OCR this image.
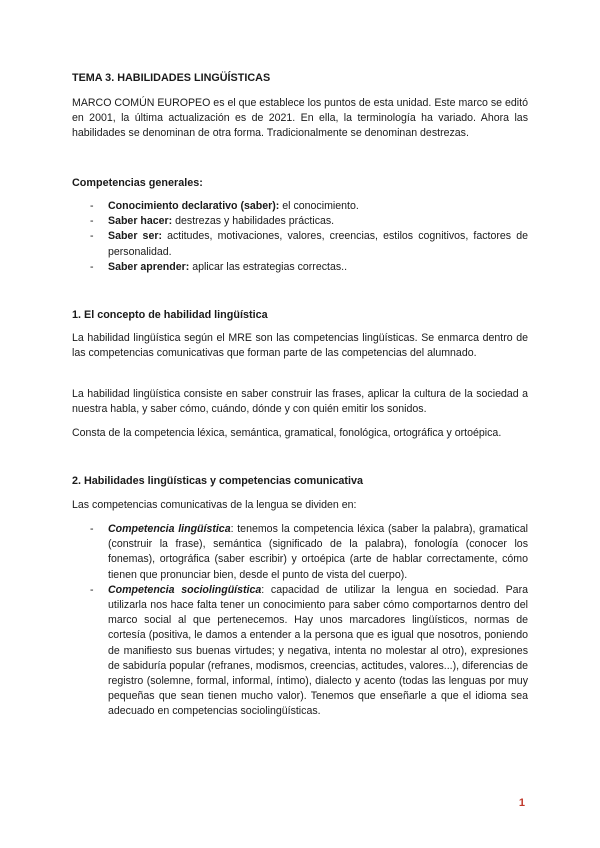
TEMA 3. HABILIDADES LINGÜÍSTICAS
MARCO COMÚN EUROPEO es el que establece los puntos de esta unidad. Este marco se editó en 2001, la última actualización es de 2021. En ella, la terminología ha variado. Ahora las habilidades se denominan de otra forma. Tradicionalmente se denominan destrezas.
Competencias generales:
- Conocimiento declarativo (saber): el conocimiento.
- Saber hacer: destrezas y habilidades prácticas.
- Saber ser: actitudes, motivaciones, valores, creencias, estilos cognitivos, factores de personalidad.
- Saber aprender: aplicar las estrategias correctas..
1. El concepto de habilidad lingüística
La habilidad lingüística según el MRE son las competencias lingüísticas. Se enmarca dentro de las competencias comunicativas que forman parte de las competencias del alumnado.
La habilidad lingüística consiste en saber construir las frases, aplicar la cultura de la sociedad a nuestra habla, y saber cómo, cuándo, dónde y con quién emitir los sonidos.
Consta de la competencia léxica, semántica, gramatical, fonológica, ortográfica y ortoépica.
2. Habilidades lingüísticas y competencias comunicativa
Las competencias comunicativas de la lengua se dividen en:
- Competencia lingüística: tenemos la competencia léxica (saber la palabra), gramatical (construir la frase), semántica (significado de la palabra), fonología (conocer los fonemas), ortográfica (saber escribir) y ortoépica (arte de hablar correctamente, cómo tienen que pronunciar bien, desde el punto de vista del cuerpo).
- Competencia sociolingüística: capacidad de utilizar la lengua en sociedad. Para utilizarla nos hace falta tener un conocimiento para saber cómo comportarnos dentro del marco social al que pertenecemos. Hay unos marcadores lingüísticos, normas de cortesía (positiva, le damos a entender a la persona que es igual que nosotros, poniendo de manifiesto sus buenas virtudes; y negativa, intenta no molestar al otro), expresiones de sabiduría popular (refranes, modismos, creencias, actitudes, valores...), diferencias de registro (solemne, formal, informal, íntimo), dialecto y acento (todas las lenguas por muy pequeñas que sean tienen mucho valor). Tenemos que enseñarle a que el idioma sea adecuado en competencias sociolingüísticas.
1
